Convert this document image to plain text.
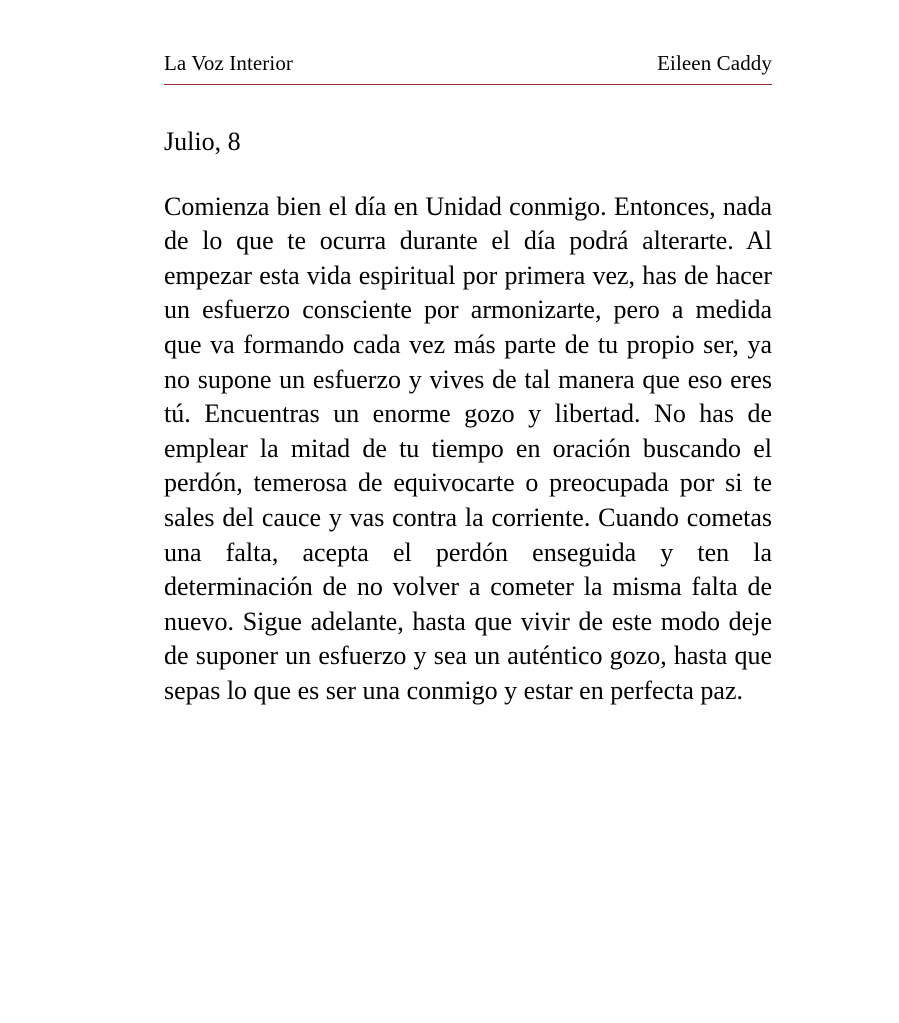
La Voz Interior	Eileen Caddy
Julio, 8
Comienza bien el día en Unidad conmigo. Entonces, nada de lo que te ocurra durante el día podrá alterarte. Al empezar esta vida espiritual por primera vez, has de hacer un esfuerzo consciente por armonizarte, pero a medida que va formando cada vez más parte de tu propio ser, ya no supone un esfuerzo y vives de tal manera que eso eres tú. Encuentras un enorme gozo y libertad. No has de emplear la mitad de tu tiempo en oración buscando el perdón, temerosa de equivocarte o preocupada por si te sales del cauce y vas contra la corriente. Cuando cometas una falta, acepta el perdón enseguida y ten la determinación de no volver a cometer la misma falta de nuevo. Sigue adelante, hasta que vivir de este modo deje de suponer un esfuerzo y sea un auténtico gozo, hasta que sepas lo que es ser una conmigo y estar en perfecta paz.
